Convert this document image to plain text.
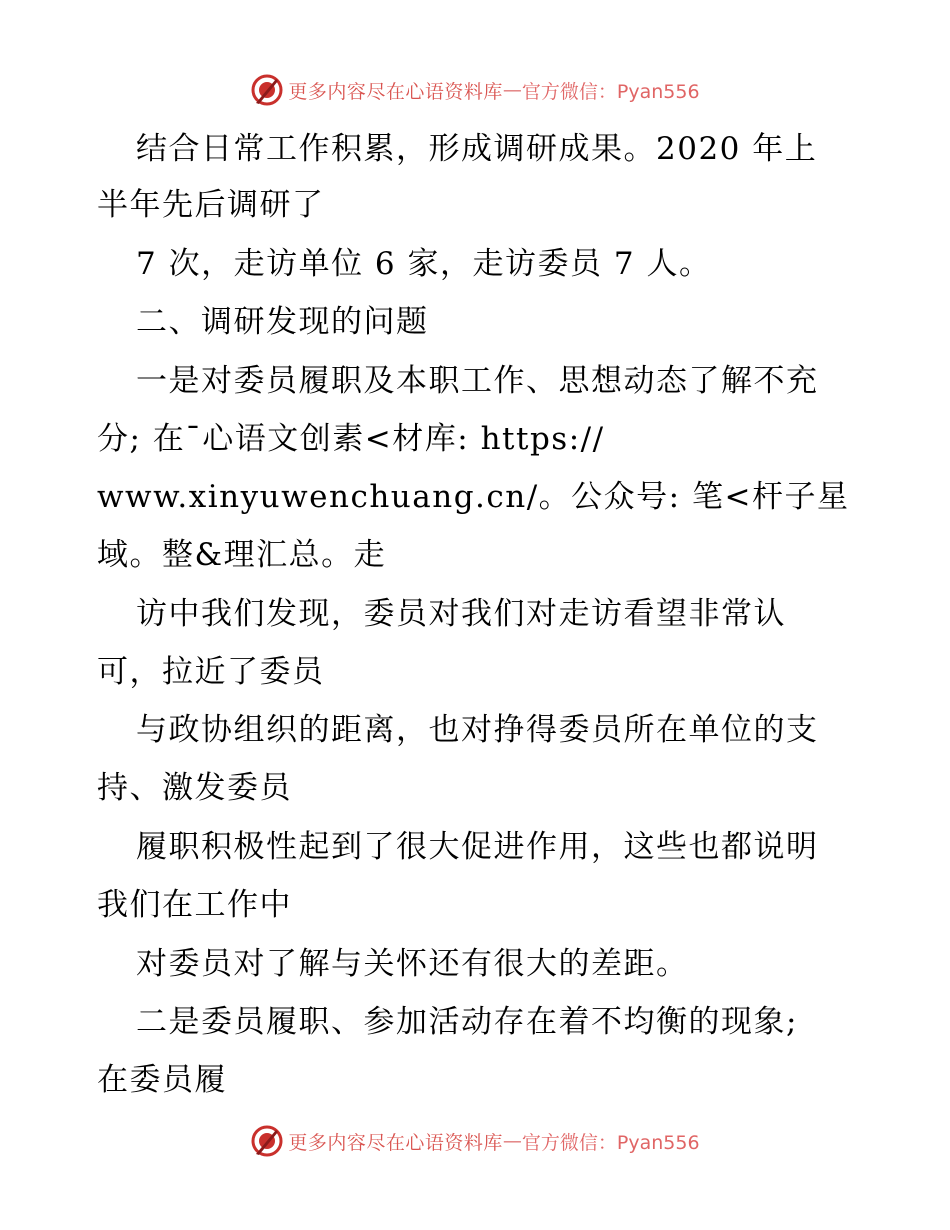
更多内容尽在心语资料库 — 官方微信：Pyan556
结合日常工作积累，形成调研成果。2020 年上
半年先后调研了
7 次，走访单位 6 家，走访委员 7 人。
二、调研发现的问题
一是对委员履职及本职工作、思想动态了解不充
分; 在¯心语文创素<材库: https://
www.xinyuwenchuang.cn/。公众号: 笔<杆子星
域。整&理汇总。走
访中我们发现，委员对我们对走访看望非常认
可，拉近了委员
与政协组织的距离，也对挣得委员所在单位的支
持、激发委员
履职积极性起到了很大促进作用，这些也都说明
我们在工作中
对委员对了解与关怀还有很大的差距。
二是委员履职、参加活动存在着不均衡的现象;
在委员履
更多内容尽在心语资料库 — 官方微信：Pyan556
